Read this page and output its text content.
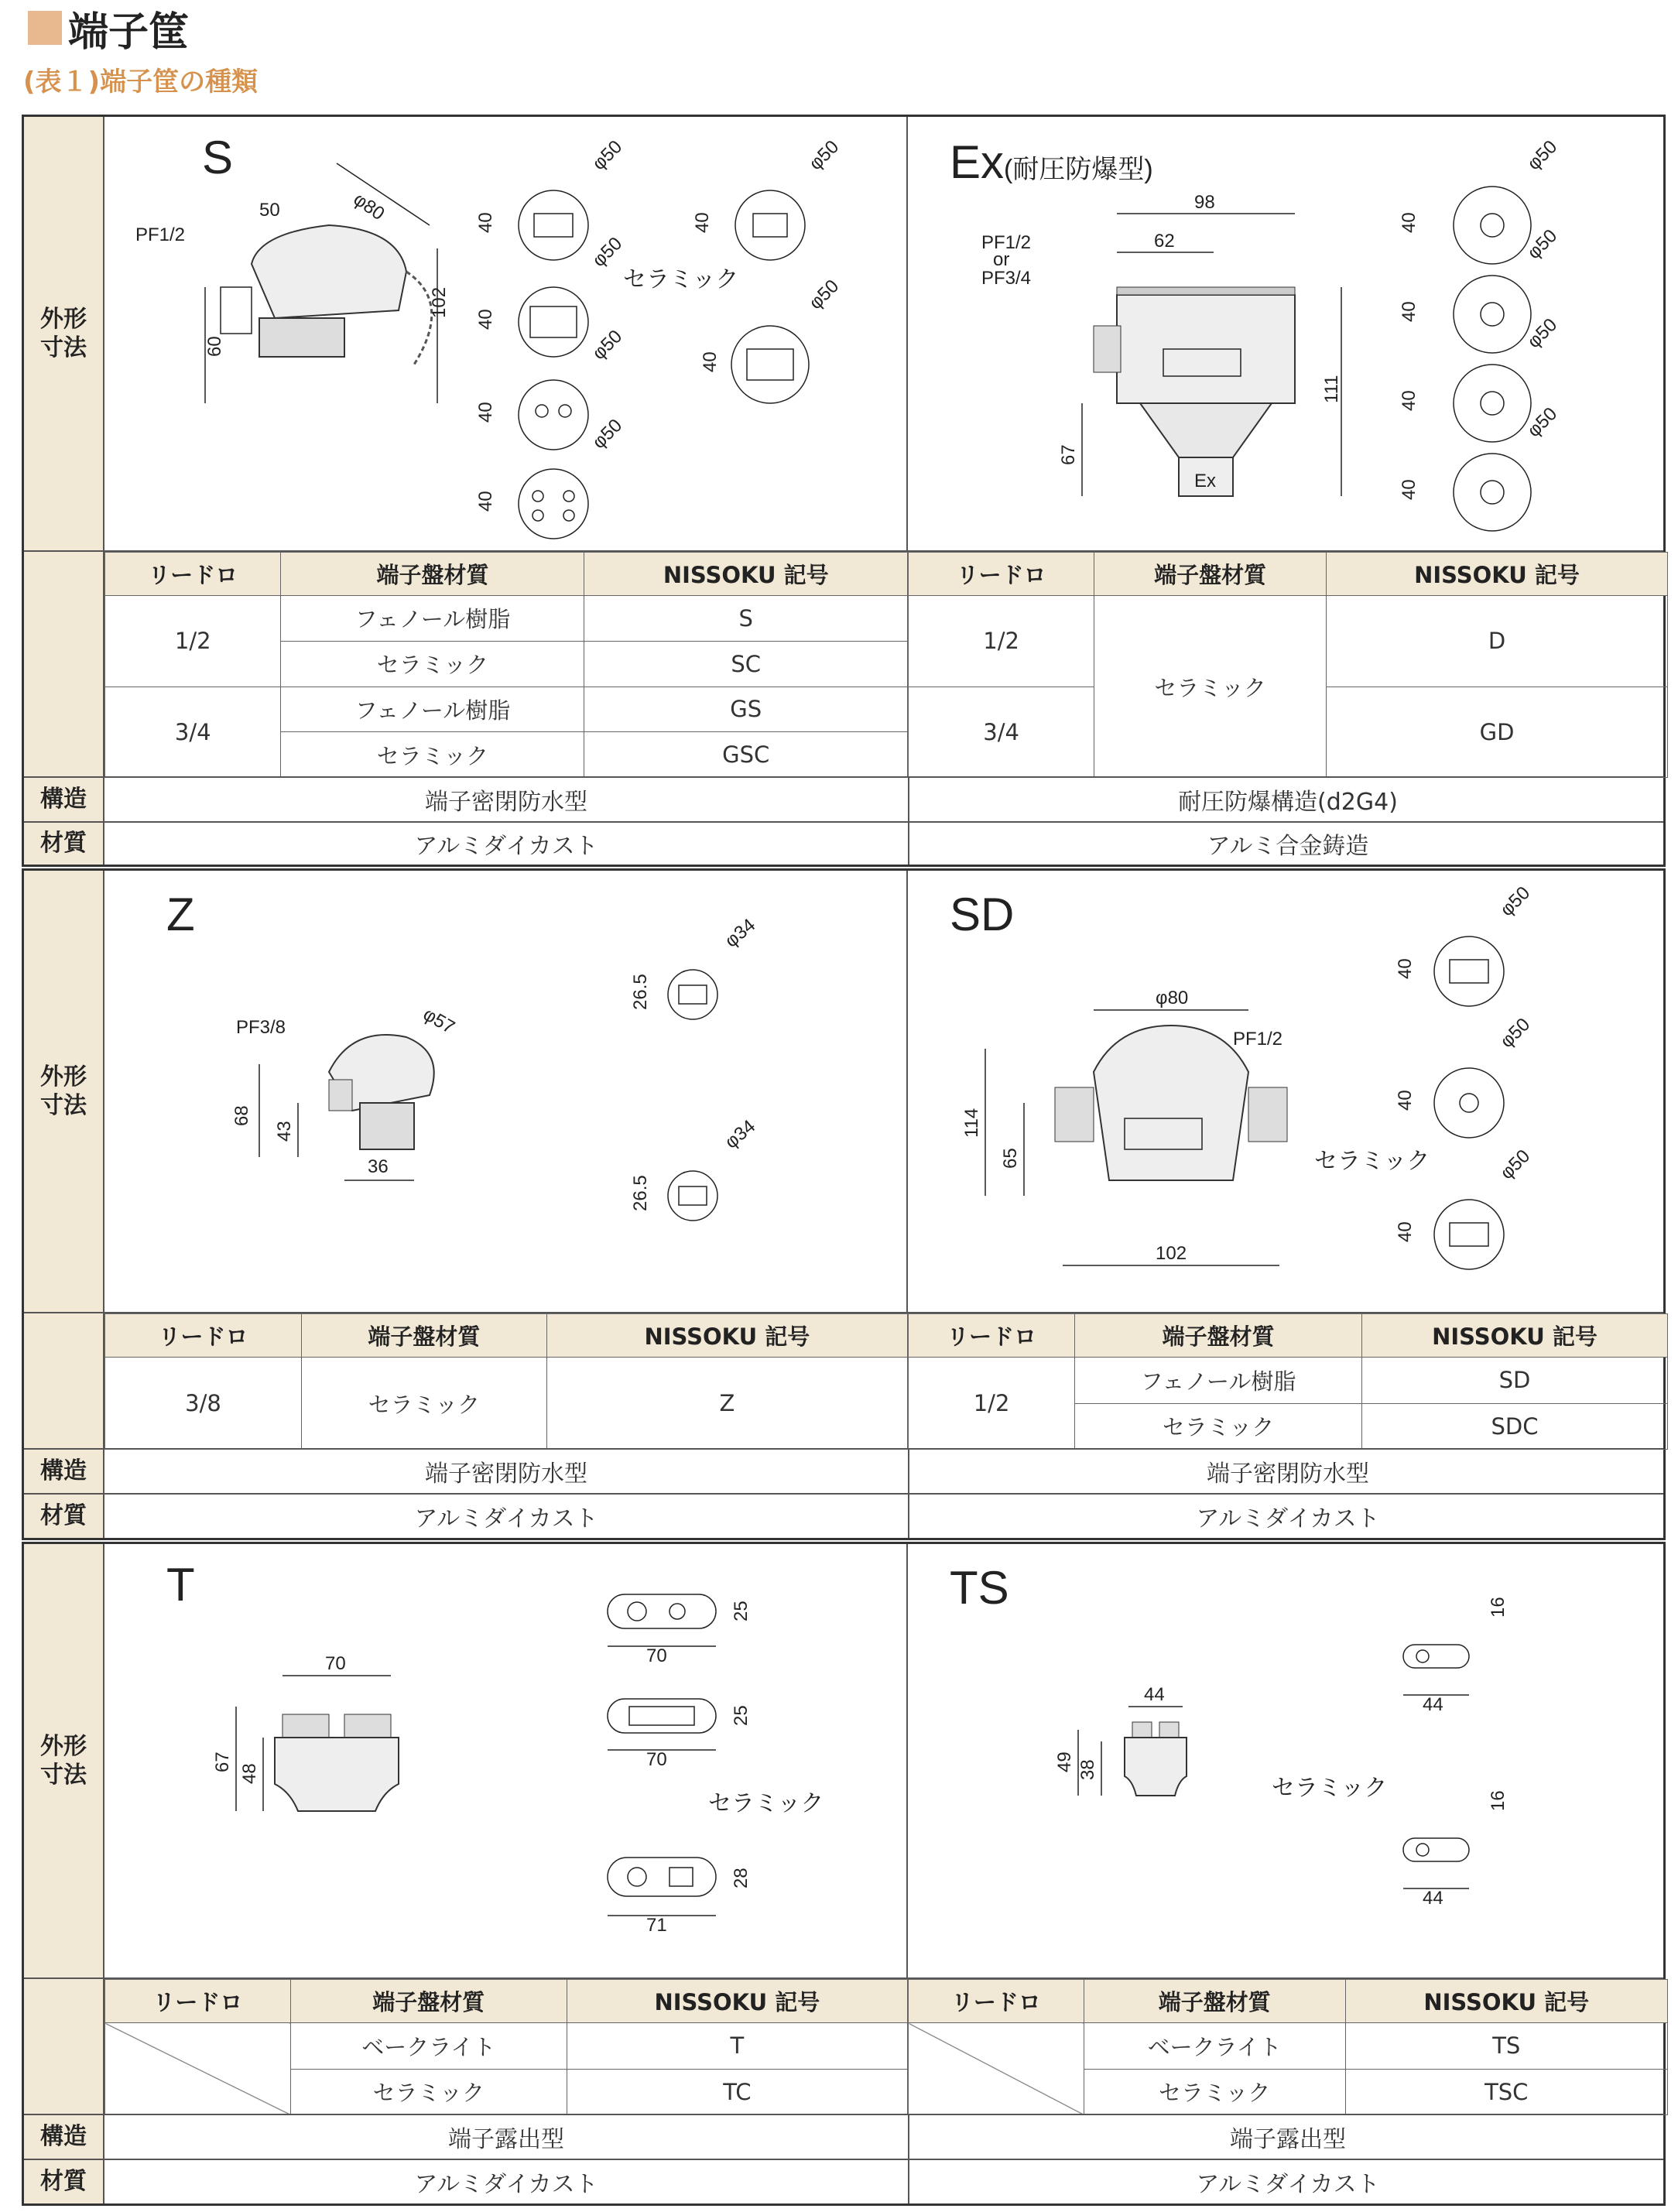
端子筐
(表１)端子筐の種類
外形
寸法
S
PF1/2
50	φ80
60
102
40
40
40
40
40
40
φ50
φ50
φ50
φ50
φ50
φ50
セラミック
Ex(耐圧防爆型)
PF1/2
or
PF3/4
98
62
67
111
Ex
40
40
40
40
φ50
φ50
φ50
φ50
リードロ	端子盤材質	NISSOKU 記号
1/2	フェノール樹脂	S
	セラミック	SC
3/4	フェノール樹脂	GS
	セラミック	GSC
リードロ	端子盤材質	NISSOKU 記号
1/2	セラミック	D
3/4		GD
構造	端子密閉防水型	耐圧防爆構造(d2G4)
材質	アルミダイカスト	アルミ合金鋳造
外形
寸法
Z
PF3/8	φ57
68
43
36
26.5
26.5
φ34
φ34
SD
φ80
PF1/2
114
65
102
40
40
40
φ50
φ50
φ50
セラミック
リードロ	端子盤材質	NISSOKU 記号
3/8	セラミック	Z
リードロ	端子盤材質	NISSOKU 記号
1/2	フェノール樹脂	SD
	セラミック	SDC
構造	端子密閉防水型	端子密閉防水型
材質	アルミダイカスト	アルミダイカスト
外形
寸法
T
70
67
48
70
70
71
25
25
28
セラミック
TS
44
49 38
44
44
16
16
セラミック
リードロ	端子盤材質	NISSOKU 記号
	ベークライト	T
	セラミック	TC
リードロ	端子盤材質	NISSOKU 記号
	ベークライト	TS
	セラミック	TSC
構造	端子露出型	端子露出型
材質	アルミダイカスト	アルミダイカスト
